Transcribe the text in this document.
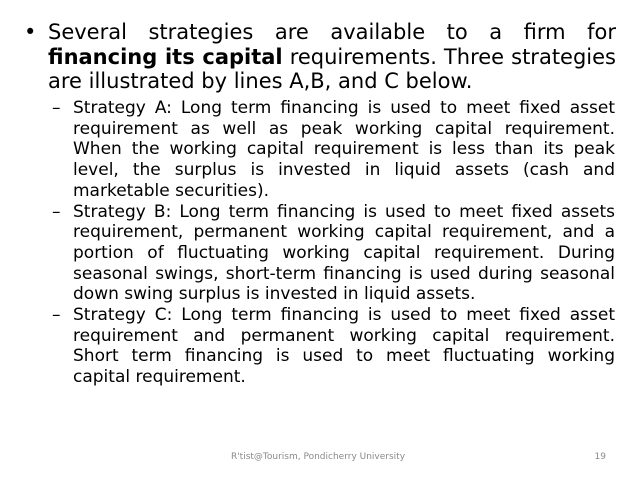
• Several strategies are available to a firm for financing its capital requirements. Three strategies are illustrated by lines A,B, and C below.
– Strategy A: Long term financing is used to meet fixed asset requirement as well as peak working capital requirement. When the working capital requirement is less than its peak level, the surplus is invested in liquid assets (cash and marketable securities).
– Strategy B: Long term financing is used to meet fixed assets requirement, permanent working capital requirement, and a portion of fluctuating working capital requirement. During seasonal swings, short-term financing is used during seasonal down swing surplus is invested in liquid assets.
– Strategy C: Long term financing is used to meet fixed asset requirement and permanent working capital requirement. Short term financing is used to meet fluctuating working capital requirement.
R'tist@Tourism, Pondicherry University	19
